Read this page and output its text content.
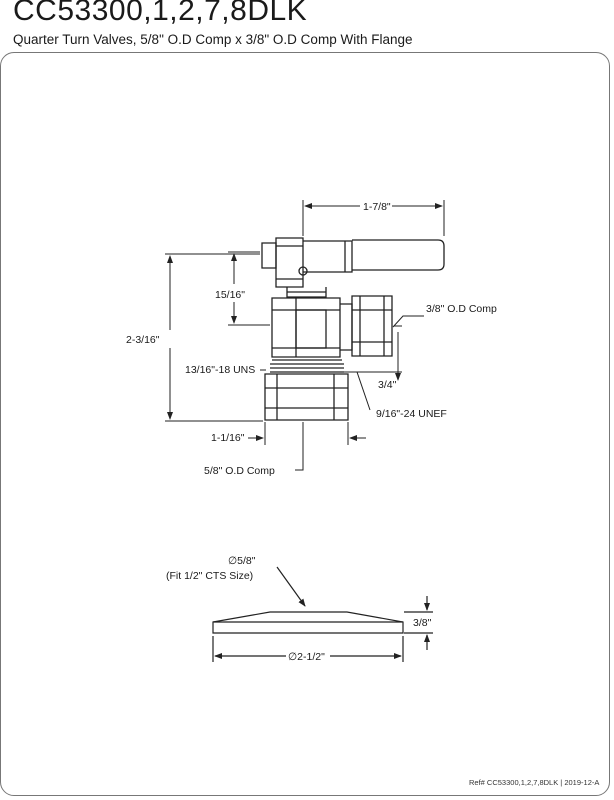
CC53300,1,2,7,8DLK

Quarter Turn Valves, 5/8" O.D Comp x 3/8" O.D Comp With Flange

1-7/8"
15/16"
2-3/16"
3/8" O.D Comp
13/16"-18 UNS
3/4"
9/16"-24 UNEF
1-1/16"
5/8" O.D Comp
∅5/8"
(Fit 1/2" CTS Size)
3/8"
∅2-1/2"
Ref# CC53300,1,2,7,8DLK | 2019-12-A
